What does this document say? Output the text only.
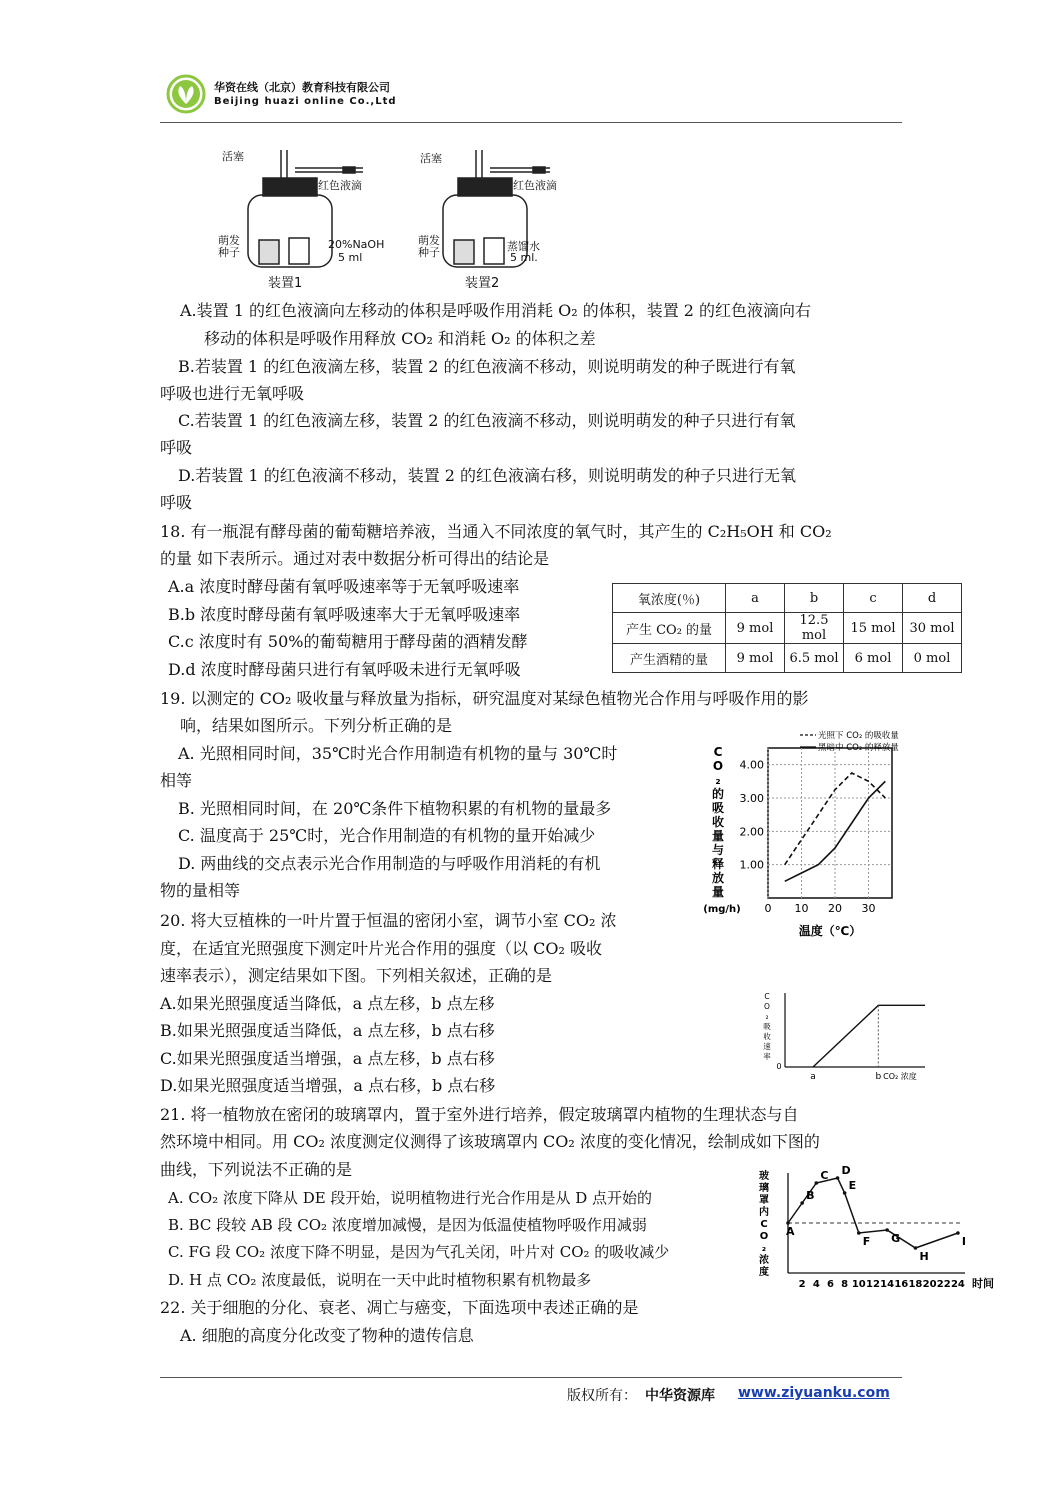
华资在线（北京）教育科技有限公司
Beijing huazi online Co.,Ltd
活塞	活塞
红色液滴	红色液滴
萌发
种子
萌发
种子
20%NaOH
5 ml
蒸馏水
5 ml.
装置1	装置2
A.装置 1 的红色液滴向左移动的体积是呼吸作用消耗 O₂ 的体积，装置 2 的红色液滴向右
移动的体积是呼吸作用释放 CO₂ 和消耗 O₂ 的体积之差
B.若装置 1 的红色液滴左移，装置 2 的红色液滴不移动，则说明萌发的种子既进行有氧
呼吸也进行无氧呼吸
C.若装置 1 的红色液滴左移，装置 2 的红色液滴不移动，则说明萌发的种子只进行有氧
呼吸
D.若装置 1 的红色液滴不移动，装置 2 的红色液滴右移，则说明萌发的种子只进行无氧
呼吸
18. 有一瓶混有酵母菌的葡萄糖培养液，当通入不同浓度的氧气时，其产生的 C₂H₅OH 和 CO₂
的量 如下表所示。通过对表中数据分析可得出的结论是
A.a 浓度时酵母菌有氧呼吸速率等于无氧呼吸速率
B.b 浓度时酵母菌有氧呼吸速率大于无氧呼吸速率
C.c 浓度时有 50%的葡萄糖用于酵母菌的酒精发酵
D.d 浓度时酵母菌只进行有氧呼吸未进行无氧呼吸
氧浓度(％)	a	b	c	d
产生 CO₂ 的量	9 mol	12.5 mol	15 mol	30 mol
产生酒精的量	9 mol	6.5 mol	6 mol	0 mol
19. 以测定的 CO₂ 吸收量与释放量为指标，研究温度对某绿色植物光合作用与呼吸作用的影
响，结果如图所示。下列分析正确的是
A. 光照相同时间，35℃时光合作用制造有机物的量与 30℃时
相等
B. 光照相同时间，在 20℃条件下植物积累的有机物的量最多
C. 温度高于 25℃时，光合作用制造的有机物的量开始减少
D. 两曲线的交点表示光合作用制造的与呼吸作用消耗的有机
物的量相等
1.00
2.00
3.00
4.00
0 10 20 30
C
O
₂
的
吸
收
量
与
释
放
量
(mg/h)
温度（℃）
光照下 CO₂ 的吸收量
黑暗中 CO₂ 的释放量
20. 将大豆植株的一叶片置于恒温的密闭小室，调节小室 CO₂ 浓
度，在适宜光照强度下测定叶片光合作用的强度（以 CO₂ 吸收
速率表示），测定结果如下图。下列相关叙述，正确的是
A.如果光照强度适当降低，a 点左移，b 点左移
B.如果光照强度适当降低，a 点左移，b 点右移
C.如果光照强度适当增强，a 点左移，b 点右移
D.如果光照强度适当增强，a 点右移，b 点右移
C
O
₂
吸
收
速
率
0
a	b CO₂ 浓度
21. 将一植物放在密闭的玻璃罩内，置于室外进行培养，假定玻璃罩内植物的生理状态与自
然环境中相同。用 CO₂ 浓度测定仪测得了该玻璃罩内 CO₂ 浓度的变化情况，绘制成如下图的
曲线，下列说法不正确的是
A. CO₂ 浓度下降从 DE 段开始，说明植物进行光合作用是从 D 点开始的
B. BC 段较 AB 段 CO₂ 浓度增加减慢，是因为低温使植物呼吸作用减弱
C. FG 段 CO₂ 浓度下降不明显，是因为气孔关闭，叶片对 CO₂ 的吸收减少
D. H 点 CO₂ 浓度最低，说明在一天中此时植物积累有机物最多
玻
璃
罩
内
C
O
₂
浓
度
2 4 6 8 10 12 14 16 18 20 22 24 时间
A
B
C D
E
F G
H
I
22. 关于细胞的分化、衰老、凋亡与癌变，下面选项中表述正确的是
A. 细胞的高度分化改变了物种的遗传信息
版权所有： 中华资源库 www.ziyuanku.com
